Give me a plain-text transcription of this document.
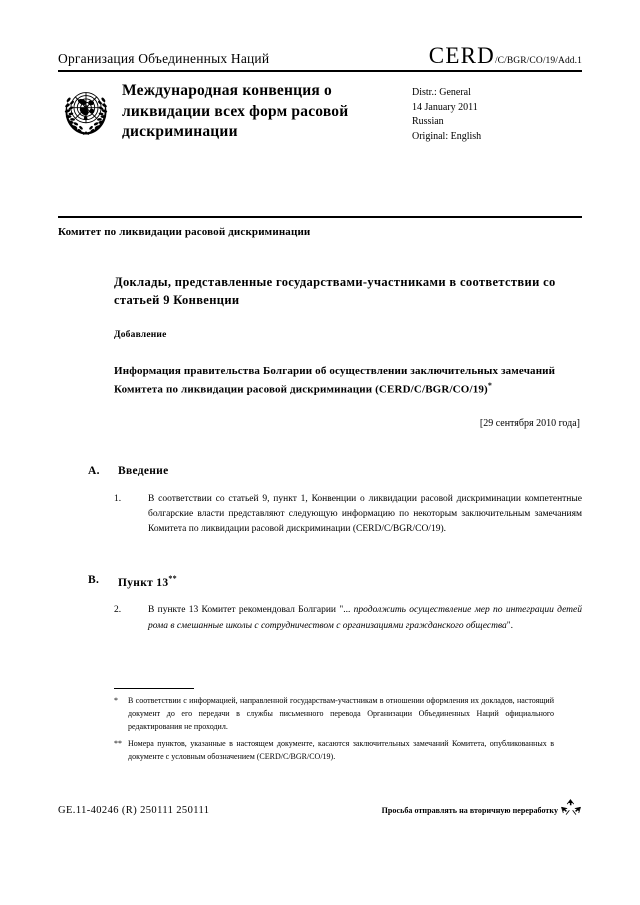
Организация Объединенных Наций	CERD /C/BGR/CO/19/Add.1
Международная конвенция о ликвидации всех форм расовой дискриминации
Distr.: General
14 January 2011
Russian
Original: English
Комитет по ликвидации расовой дискриминации
Доклады, представленные государствами-участниками в соответствии со статьей 9 Конвенции
Добавление
Информация правительства Болгарии об осуществлении заключительных замечаний Комитета по ликвидации расовой дискриминации (CERD/C/BGR/CO/19)*
[29 сентября 2010 года]
A.	Введение
1.	В соответствии со статьей 9, пункт 1, Конвенции о ликвидации расовой дискриминации компетентные болгарские власти представляют следующую информацию по некоторым заключительным замечаниям Комитета по ликвидации расовой дискриминации (CERD/C/BGR/CO/19).
B.	Пункт 13**
2.	В пункте 13 Комитет рекомендовал Болгарии "... продолжить осуществление мер по интеграции детей рома в смешанные школы с сотрудничеством с организациями гражданского общества".
*	В соответствии с информацией, направленной государствам-участникам в отношении оформления их докладов, настоящий документ до его передачи в службы письменного перевода Организации Объединенных Наций официального редактирования не проходил.
** Номера пунктов, указанные в настоящем документе, касаются заключительных замечаний Комитета, опубликованных в документе с условным обозначением (CERD/C/BGR/CO/19).
GE.11-40246 (R) 250111 250111	Просьба отправлять на вторичную переработку
